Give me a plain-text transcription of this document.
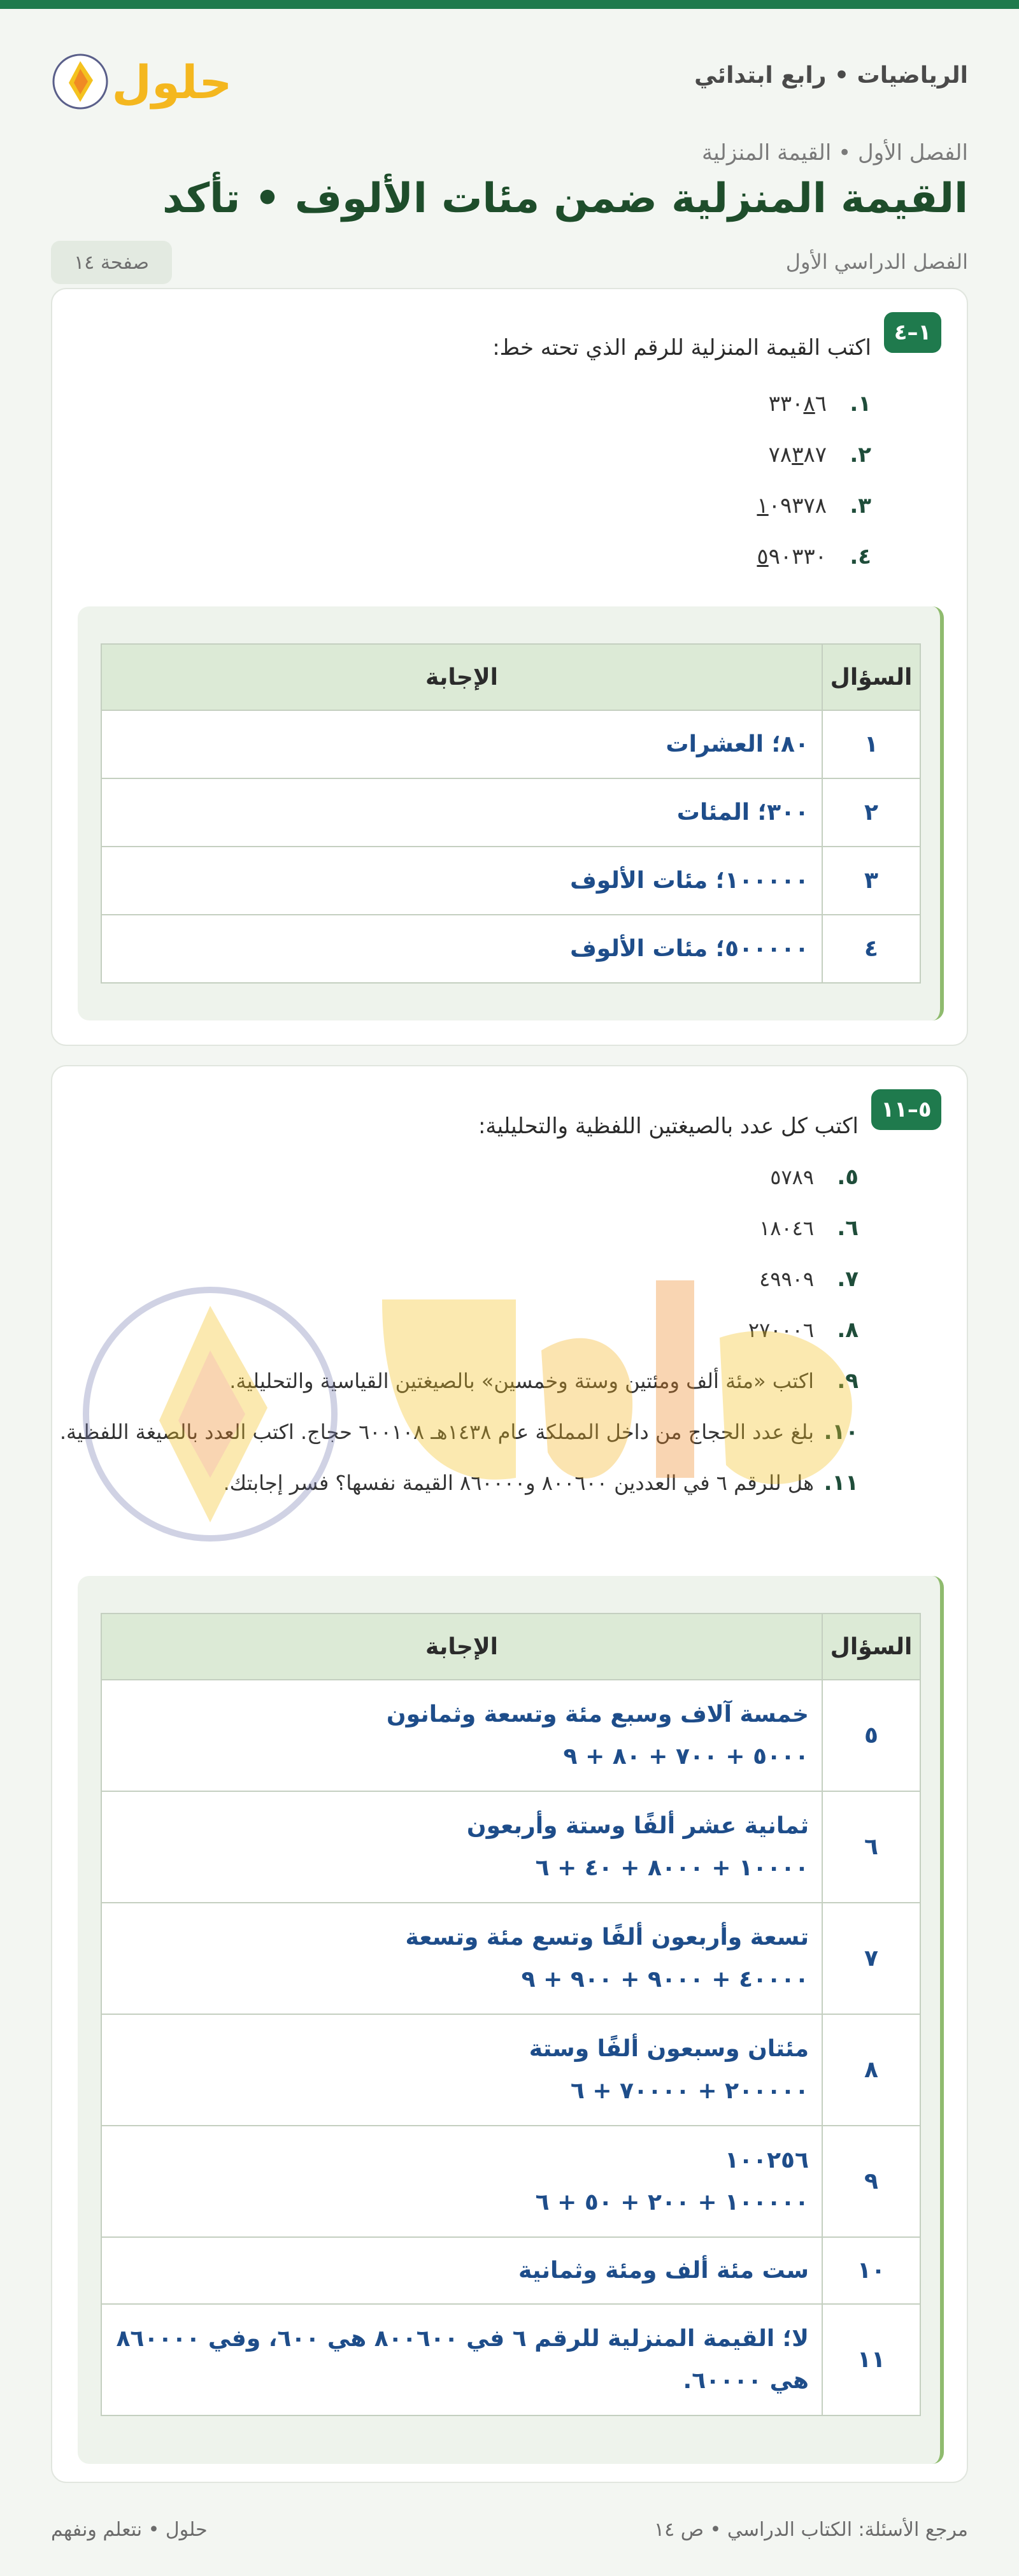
الرياضيات • رابع ابتدائي
حلول
الفصل الأول • القيمة المنزلية
القيمة المنزلية ضمن مئات الألوف • تأكد
الفصل الدراسي الأول
صفحة ١٤
١–٤
اكتب القيمة المنزلية للرقم الذي تحته خط:
١.٣٣٠٨٦
٢.٧٨٣٨٧
٣.١٠٩٣٧٨
٤.٥٩٠٣٣٠
السؤال	الإجابة
١	٨٠؛ العشرات
٢	٣٠٠؛ المئات
٣	١٠٠٠٠٠؛ مئات الألوف
٤	٥٠٠٠٠٠؛ مئات الألوف
٥–١١
اكتب كل عدد بالصيغتين اللفظية والتحليلية:
٥.٥٧٨٩
٦.١٨٠٤٦
٧.٤٩٩٠٩
٨.٢٧٠٠٠٦
٩.اكتب «مئة ألف ومئتين وستة وخمسين» بالصيغتين القياسية والتحليلية.
١٠.بلغ عدد الحجاج من داخل المملكة عام ١٤٣٨هـ ٦٠٠١٠٨ حجاج. اكتب العدد بالصيغة اللفظية.
١١.هل للرقم ٦ في العددين ٨٠٠٦٠٠ و٨٦٠٠٠٠ القيمة نفسها؟ فسر إجابتك.
السؤال	الإجابة
٥	خمسة آلاف وسبع مئة وتسعة وثمانون
٥٠٠٠ + ٧٠٠ + ٨٠ + ٩

٦	ثمانية عشر ألفًا وستة وأربعون
١٠٠٠٠ + ٨٠٠٠ + ٤٠ + ٦

٧	تسعة وأربعون ألفًا وتسع مئة وتسعة
٤٠٠٠٠ + ٩٠٠٠ + ٩٠٠ + ٩

٨	مئتان وسبعون ألفًا وستة
٢٠٠٠٠٠ + ٧٠٠٠٠ + ٦

٩	١٠٠٢٥٦
١٠٠٠٠٠ + ٢٠٠ + ٥٠ + ٦

١٠	ست مئة ألف ومئة وثمانية

١١	لا؛ القيمة المنزلية للرقم ٦ في ٨٠٠٦٠٠ هي ٦٠٠، وفي ٨٦٠٠٠٠ هي ٦٠٠٠٠.
مرجع الأسئلة: الكتاب الدراسي • ص ١٤
حلول • نتعلم ونفهم
